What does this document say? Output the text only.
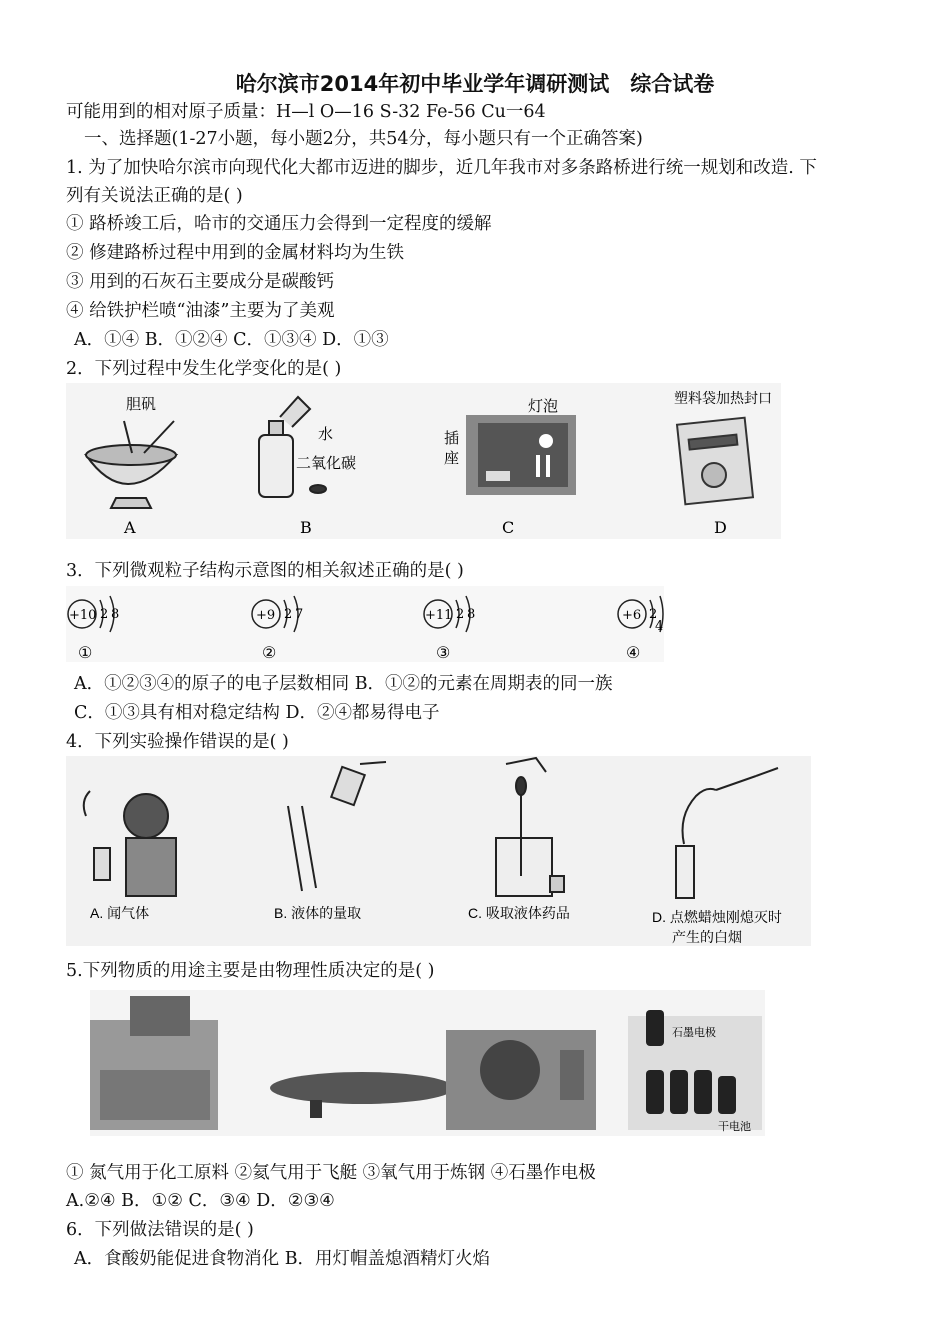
哈尔滨市2014年初中毕业学年调研测试　综合试卷
可能用到的相对原子质量：H—l O—16 S-32 Fe-56 Cu一64
一、选择题(1-27小题，每小题2分，共54分，每小题只有一个正确答案)
1. 为了加快哈尔滨市向现代化大都市迈进的脚步，近几年我市对多条路桥进行统一规划和改造. 下
列有关说法正确的是( )
① 路桥竣工后，哈市的交通压力会得到一定程度的缓解
② 修建路桥过程中用到的金属材料均为生铁
③ 用到的石灰石主要成分是碳酸钙
④ 给铁护栏喷“油漆”主要为了美观
A．①④ B．①②④ C．①③④ D．①③
2．下列过程中发生化学变化的是( )
胆矾
A
水
二氧化碳
B
灯泡
插
座
C
塑料袋加热封口
D
3．下列微观粒子结构示意图的相关叙述正确的是( )
+10 2 8
①
+9 2 7
②
+11 2 8
③
+6 2
4
④
A．①②③④的原子的电子层数相同 B．①②的元素在周期表的同一族
C．①③具有相对稳定结构 D．②④都易得电子
4．下列实验操作错误的是( )
A. 闻气体	B. 液体的量取	C. 吸取液体药品	D. 点燃蜡烛刚熄灭时
产生的白烟
5.下列物质的用途主要是由物理性质决定的是( )
石墨电极
干电池
① 氮气用于化工原料 ②氦气用于飞艇 ③氧气用于炼钢 ④石墨作电极
A.②④ B．①② C．③④ D．②③④
6．下列做法错误的是( )
A．食酸奶能促进食物消化 B．用灯帽盖熄酒精灯火焰
